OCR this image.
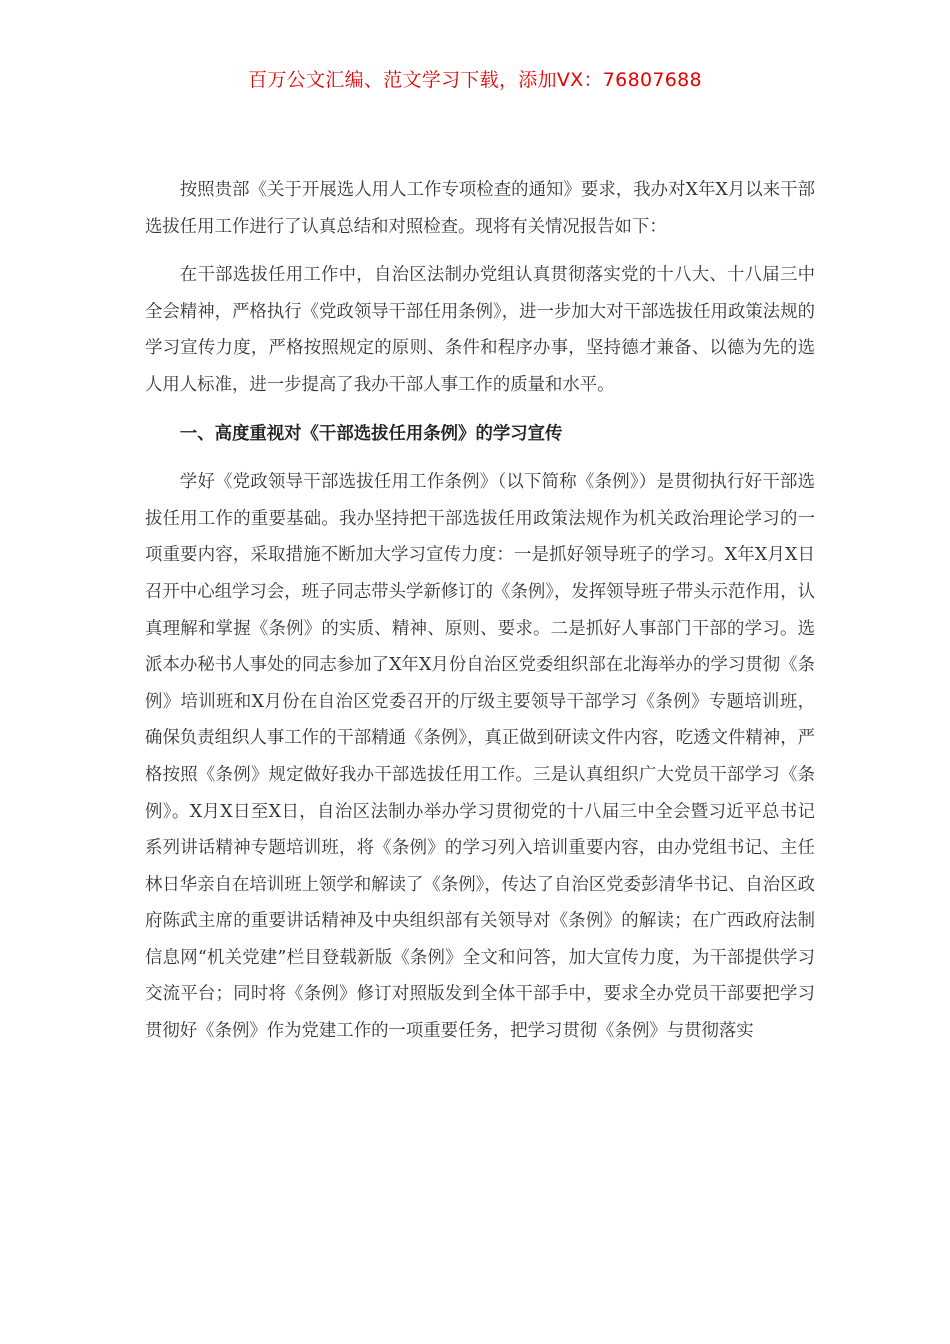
百万公文汇编、范文学习下载，添加VX：76807688

按照贵部《关于开展选人用人工作专项检查的通知》要求，我办对X年X月以来干部选拔任用工作进行了认真总结和对照检查。现将有关情况报告如下：

在干部选拔任用工作中，自治区法制办党组认真贯彻落实党的十八大、十八届三中全会精神，严格执行《党政领导干部任用条例》，进一步加大对干部选拔任用政策法规的学习宣传力度，严格按照规定的原则、条件和程序办事，坚持德才兼备、以德为先的选人用人标准，进一步提高了我办干部人事工作的质量和水平。

一、高度重视对《干部选拔任用条例》的学习宣传

学好《党政领导干部选拔任用工作条例》（以下简称《条例》）是贯彻执行好干部选拔任用工作的重要基础。我办坚持把干部选拔任用政策法规作为机关政治理论学习的一项重要内容，采取措施不断加大学习宣传力度：一是抓好领导班子的学习。X年X月X日召开中心组学习会，班子同志带头学新修订的《条例》，发挥领导班子带头示范作用，认真理解和掌握《条例》的实质、精神、原则、要求。二是抓好人事部门干部的学习。选派本办秘书人事处的同志参加了X年X月份自治区党委组织部在北海举办的学习贯彻《条例》培训班和X月份在自治区党委召开的厅级主要领导干部学习《条例》专题培训班，确保负责组织人事工作的干部精通《条例》，真正做到研读文件内容，吃透文件精神，严格按照《条例》规定做好我办干部选拔任用工作。三是认真组织广大党员干部学习《条例》。X月X日至X日，自治区法制办举办学习贯彻党的十八届三中全会暨习近平总书记系列讲话精神专题培训班，将《条例》的学习列入培训重要内容，由办党组书记、主任林日华亲自在培训班上领学和解读了《条例》，传达了自治区党委彭清华书记、自治区政府陈武主席的重要讲话精神及中央组织部有关领导对《条例》的解读；在广西政府法制信息网“机关党建”栏目登载新版《条例》全文和问答，加大宣传力度，为干部提供学习交流平台；同时将《条例》修订对照版发到全体干部手中，要求全办党员干部要把学习贯彻好《条例》作为党建工作的一项重要任务，把学习贯彻《条例》与贯彻落实
